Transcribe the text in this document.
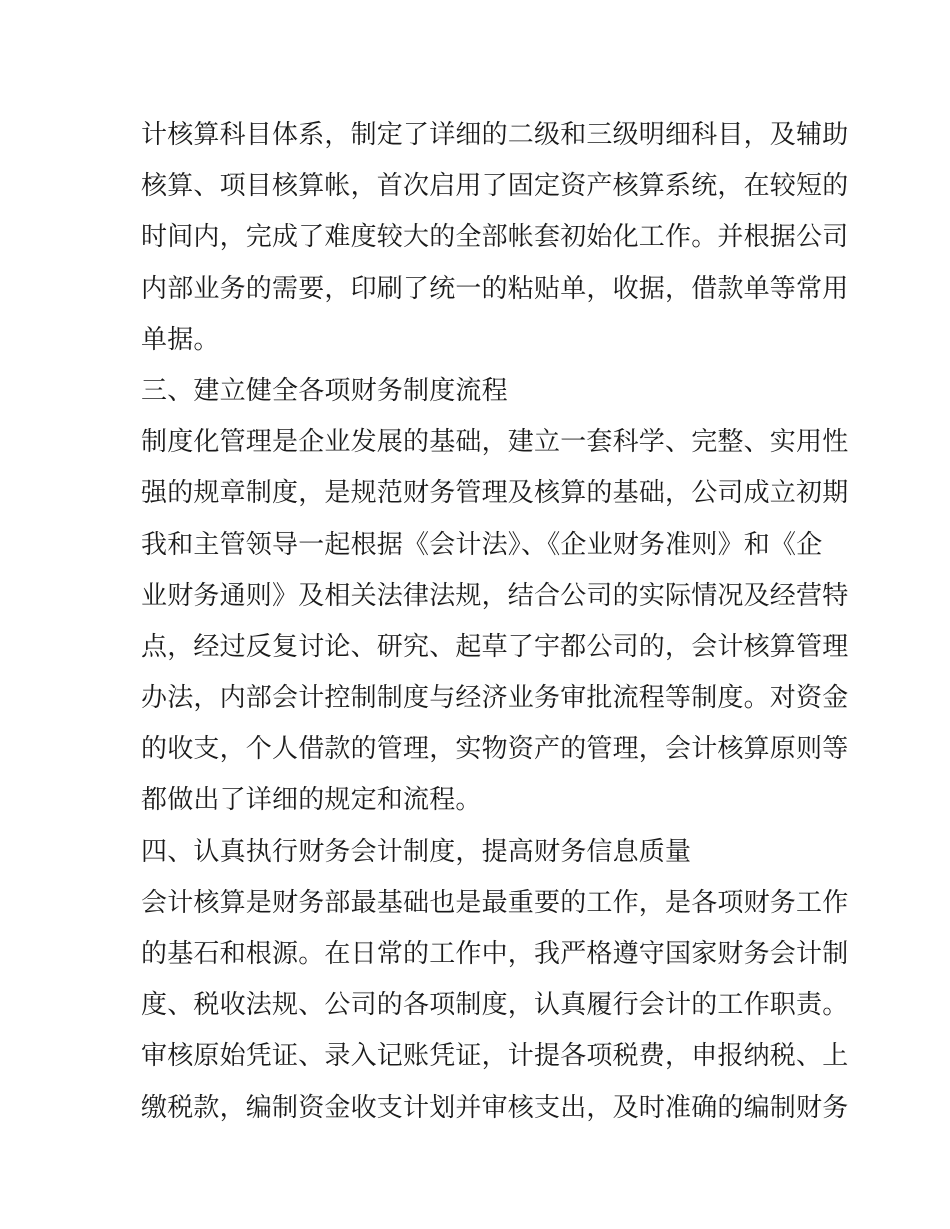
计核算科目体系，制定了详细的二级和三级明细科目，及辅助
核算、项目核算帐，首次启用了固定资产核算系统，在较短的
时间内，完成了难度较大的全部帐套初始化工作。并根据公司
内部业务的需要，印刷了统一的粘贴单，收据，借款单等常用
单据。
三、建立健全各项财务制度流程
制度化管理是企业发展的基础，建立一套科学、完整、实用性
强的规章制度，是规范财务管理及核算的基础，公司成立初期
我和主管领导一起根据《会计法》、《企业财务准则》和《企
业财务通则》及相关法律法规，结合公司的实际情况及经营特
点，经过反复讨论、研究、起草了宇都公司的，会计核算管理
办法，内部会计控制制度与经济业务审批流程等制度。对资金
的收支，个人借款的管理，实物资产的管理，会计核算原则等
都做出了详细的规定和流程。
四、认真执行财务会计制度，提高财务信息质量
会计核算是财务部最基础也是最重要的工作，是各项财务工作
的基石和根源。在日常的工作中，我严格遵守国家财务会计制
度、税收法规、公司的各项制度，认真履行会计的工作职责。
审核原始凭证、录入记账凭证，计提各项税费，申报纳税、上
缴税款，编制资金收支计划并审核支出，及时准确的编制财务
